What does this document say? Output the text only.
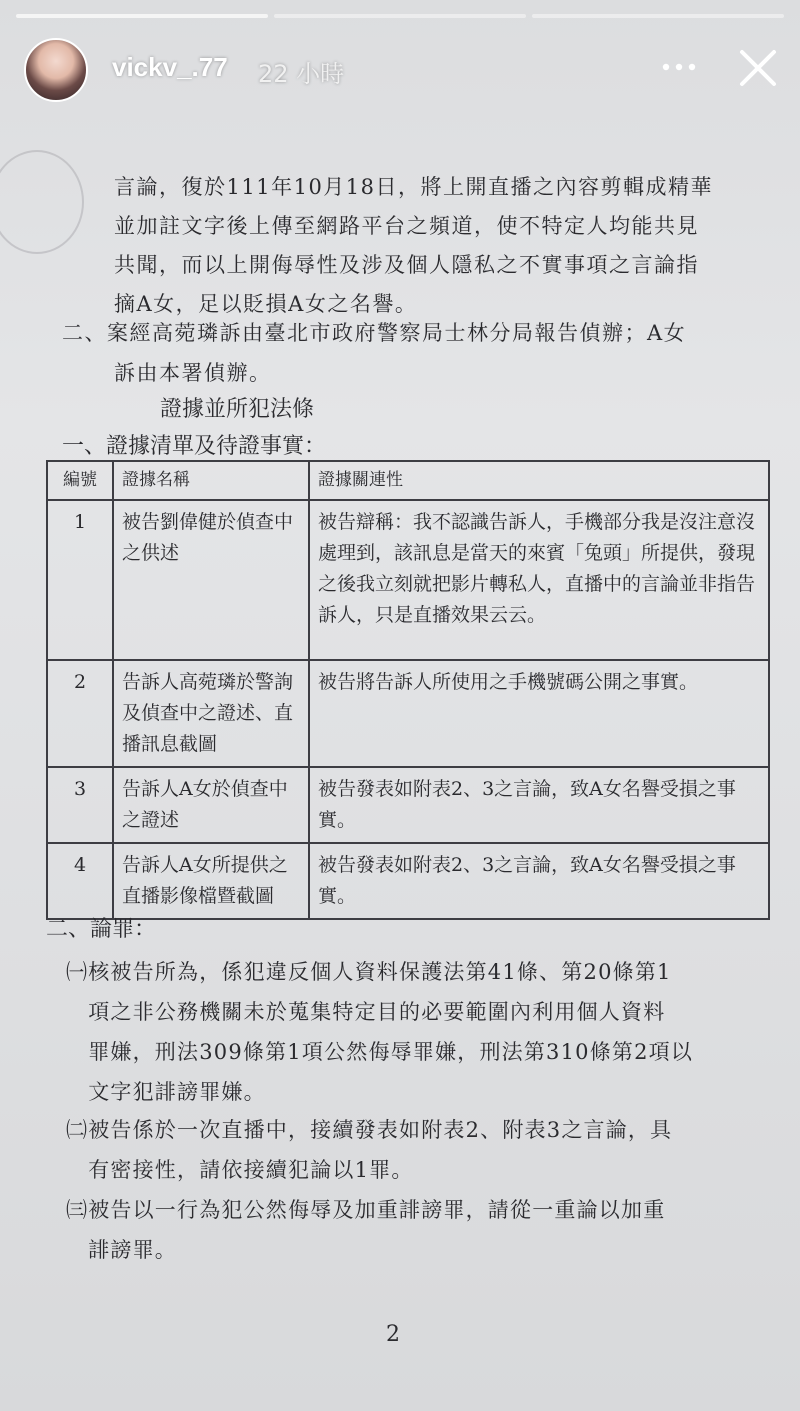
vickv_.77 22 小時
言論，復於111年10月18日，將上開直播之內容剪輯成精華
並加註文字後上傳至網路平台之頻道，使不特定人均能共見
共聞，而以上開侮辱性及涉及個人隱私之不實事項之言論指
摘A女，足以貶損A女之名譽。
二、案經高菀璘訴由臺北市政府警察局士林分局報告偵辦；A女
訴由本署偵辦。
證據並所犯法條
一、證據清單及待證事實：
編號	證據名稱	證據關連性
1	被告劉偉健於偵查中之供述	被告辯稱：我不認識告訴人，手機部分我是沒注意沒處理到，該訊息是當天的來賓「兔頭」所提供，發現之後我立刻就把影片轉私人，直播中的言論並非指告訴人，只是直播效果云云。
2	告訴人高菀璘於警詢及偵查中之證述、直播訊息截圖	被告將告訴人所使用之手機號碼公開之事實。
3	告訴人A女於偵查中之證述	被告發表如附表2、3之言論，致A女名譽受損之事實。
4	告訴人A女所提供之直播影像檔暨截圖	被告發表如附表2、3之言論，致A女名譽受損之事實。
二、論罪：
㈠核被告所為，係犯違反個人資料保護法第41條、第20條第1
　項之非公務機關未於蒐集特定目的必要範圍內利用個人資料
　罪嫌，刑法309條第1項公然侮辱罪嫌，刑法第310條第2項以
　文字犯誹謗罪嫌。
㈡被告係於一次直播中，接續發表如附表2、附表3之言論，具
　有密接性，請依接續犯論以1罪。
㈢被告以一行為犯公然侮辱及加重誹謗罪，請從一重論以加重
　誹謗罪。
2
